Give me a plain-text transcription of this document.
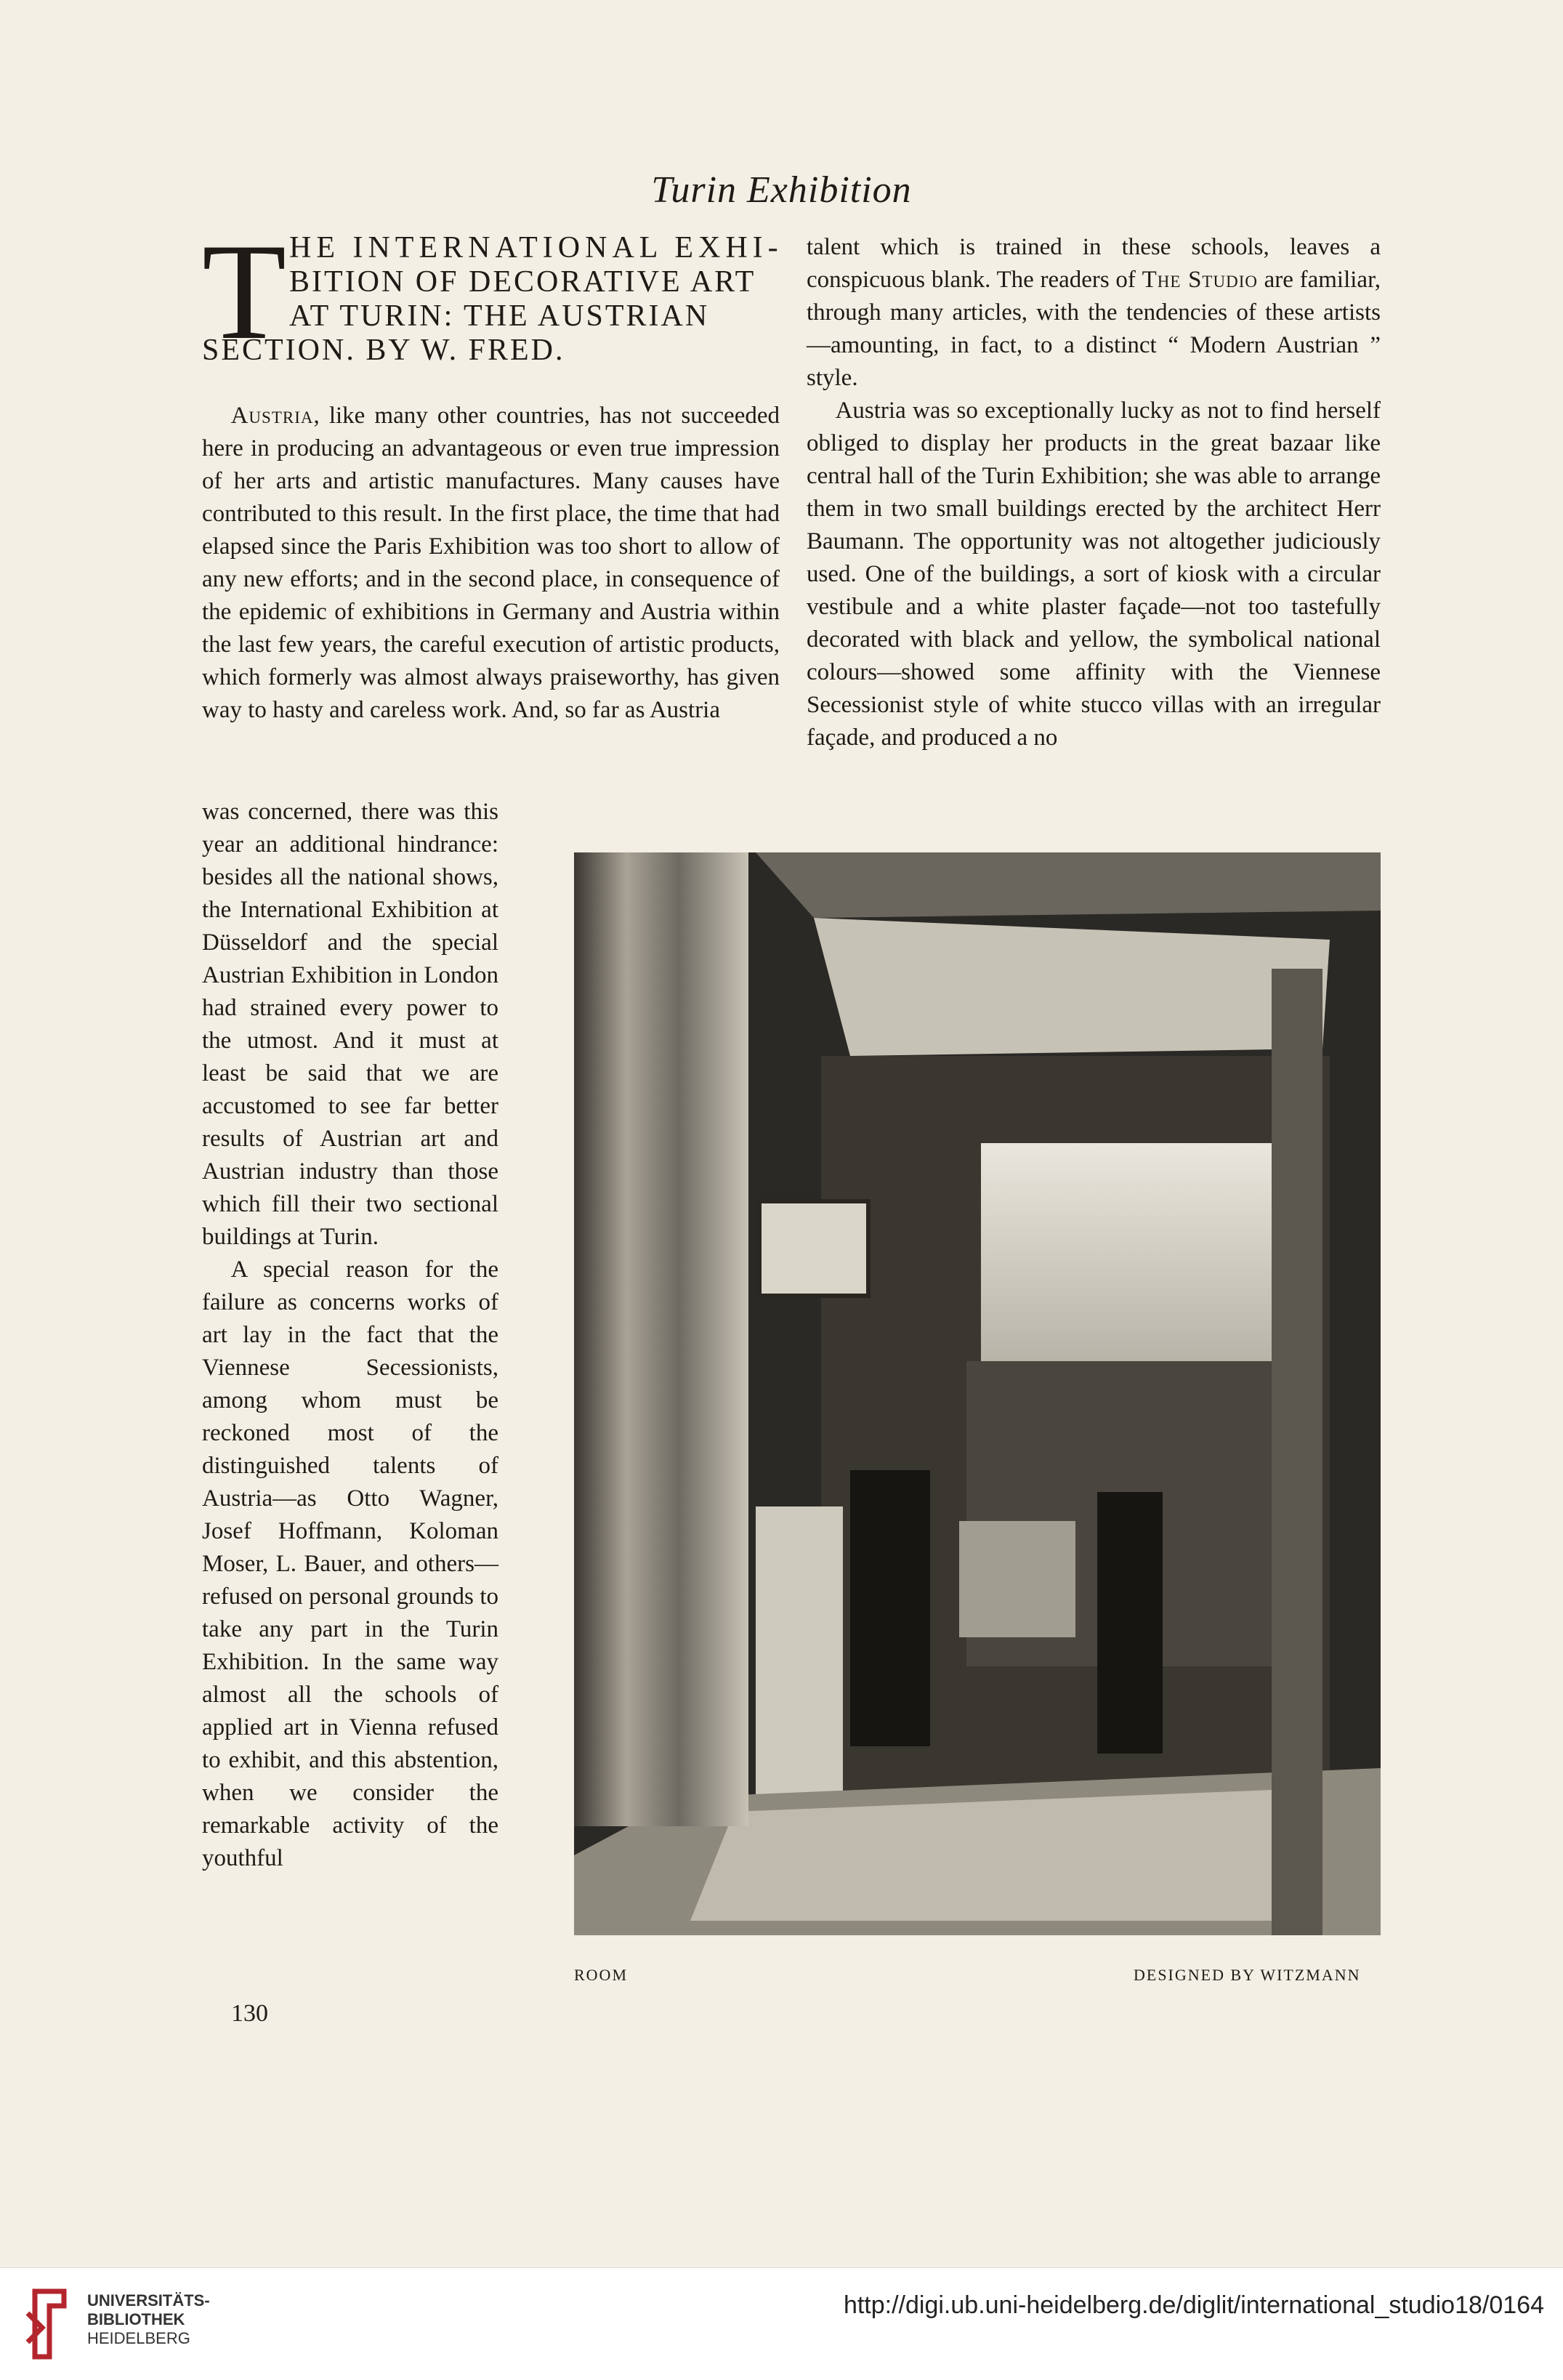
Turin Exhibition
T HE INTERNATIONAL EXHI-
BITION OF DECORATIVE ART
AT TURIN: THE AUSTRIAN
SECTION. BY W. FRED.

Austria, like many other countries, has not succeeded here in producing an advantageous or even true impression of her arts and artistic manufactures. Many causes have contributed to this result. In the first place, the time that had elapsed since the Paris Exhibition was too short to allow of any new efforts; and in the second place, in consequence of the epidemic of exhibitions in Germany and Austria within the last few years, the careful execution of artistic products, which formerly was almost always praiseworthy, has given way to hasty and careless work. And, so far as Austria

was concerned, there was this year an additional hindrance: besides all the national shows, the International Exhibition at Düsseldorf and the special Austrian Exhibition in London had strained every power to the utmost. And it must at least be said that we are accustomed to see far better results of Austrian art and Austrian industry than those which fill their two sectional buildings at Turin.

A special reason for the failure as concerns works of art lay in the fact that the Viennese Secessionists, among whom must be reckoned most of the distinguished talents of Austria—as Otto Wagner, Josef Hoffmann, Koloman Moser, L. Bauer, and others—refused on personal grounds to take any part in the Turin Exhibition. In the same way almost all the schools of applied art in Vienna refused to exhibit, and this abstention, when we consider the remarkable activity of the youthful

talent which is trained in these schools, leaves a conspicuous blank. The readers of The Studio are familiar, through many articles, with the tendencies of these artists—amounting, in fact, to a distinct “ Modern Austrian ” style.

Austria was so exceptionally lucky as not to find herself obliged to display her products in the great bazaar like central hall of the Turin Exhibition; she was able to arrange them in two small buildings erected by the architect Herr Baumann. The opportunity was not altogether judiciously used. One of the buildings, a sort of kiosk with a circular vestibule and a white plaster façade—not too tastefully decorated with black and yellow, the symbolical national colours—showed some affinity with the Viennese Secessionist style of white stucco villas with an irregular façade, and produced a no

ROOM	DESIGNED BY WITZMANN
130
UNIVERSITÄTS-
BIBLIOTHEK
HEIDELBERG
http://digi.ub.uni-heidelberg.de/diglit/international_studio18/0164
